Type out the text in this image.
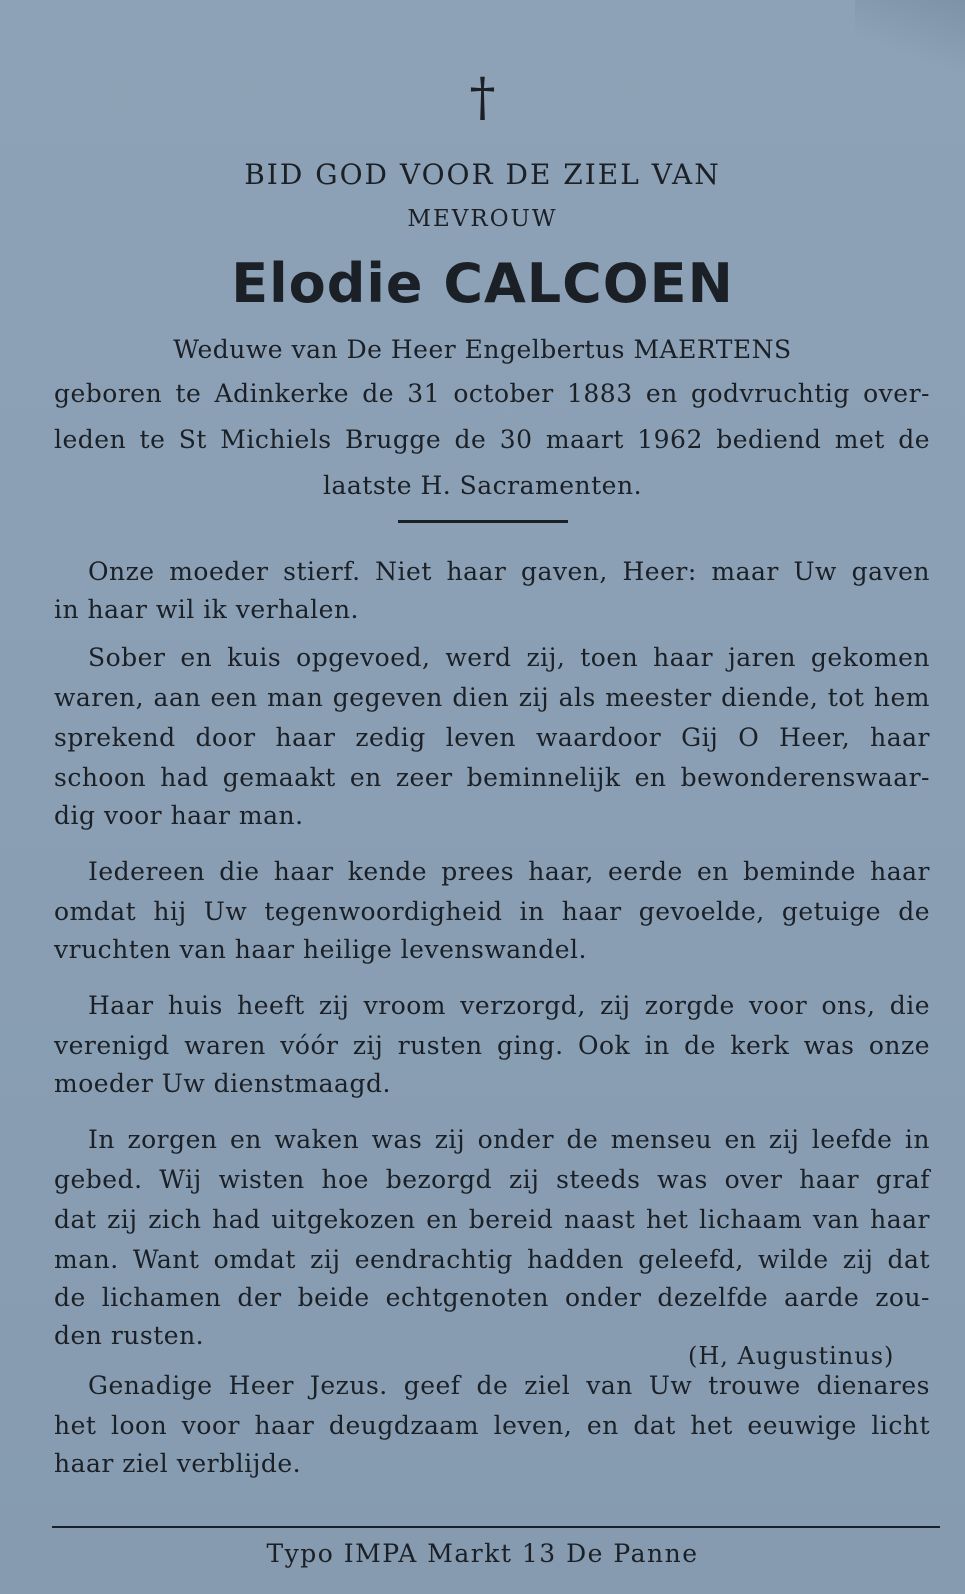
†
BID GOD VOOR DE ZIEL VAN
MEVROUW
Elodie CALCOEN
Weduwe van De Heer Engelbertus MAERTENS
geboren te Adinkerke de 31 october 1883 en godvruchtig over-
leden te St Michiels Brugge de 30 maart 1962 bediend met de
laatste H. Sacramenten.
Onze moeder stierf. Niet haar gaven, Heer: maar Uw gaven
in haar wil ik verhalen.
Sober en kuis opgevoed, werd zij, toen haar jaren gekomen
waren, aan een man gegeven dien zij als meester diende, tot hem
sprekend door haar zedig leven waardoor Gij O Heer, haar
schoon had gemaakt en zeer beminnelijk en bewonderenswaar-
dig voor haar man.
Iedereen die haar kende prees haar, eerde en beminde haar
omdat hij Uw tegenwoordigheid in haar gevoelde, getuige de
vruchten van haar heilige levenswandel.
Haar huis heeft zij vroom verzorgd, zij zorgde voor ons, die
verenigd waren vóór zij rusten ging. Ook in de kerk was onze
moeder Uw dienstmaagd.
In zorgen en waken was zij onder de menseu en zij leefde in
gebed. Wij wisten hoe bezorgd zij steeds was over haar graf
dat zij zich had uitgekozen en bereid naast het lichaam van haar
man. Want omdat zij eendrachtig hadden geleefd, wilde zij dat
de lichamen der beide echtgenoten onder dezelfde aarde zou-
den rusten.
(H, Augustinus)
Genadige Heer Jezus. geef de ziel van Uw trouwe dienares
het loon voor haar deugdzaam leven, en dat het eeuwige licht
haar ziel verblijde.
Typo IMPA Markt 13 De Panne
